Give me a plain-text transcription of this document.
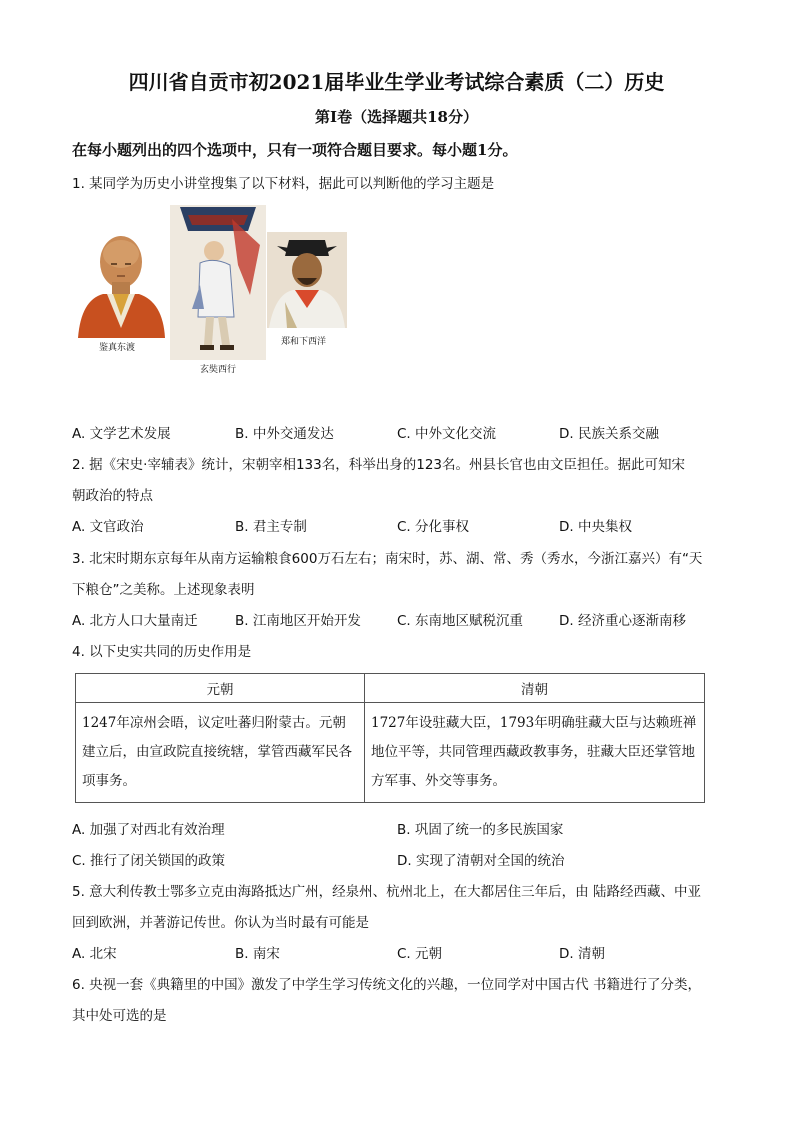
四川省自贡市初2021届毕业生学业考试综合素质（二）历史
第Ⅰ卷（选择题共18分）
在每小题列出的四个选项中，只有一项符合题目要求。每小题1分。
1. 某同学为历史小讲堂搜集了以下材料，据此可以判断他的学习主题是
鉴真东渡
玄奘西行
郑和下西洋
A. 文学艺术发展	B. 中外交通发达	C. 中外文化交流	D. 民族关系交融
2. 据《宋史·宰辅表》统计，宋朝宰相133名，科举出身的123名。州县长官也由文臣担任。据此可知宋
朝政治的特点
A. 文官政治	B. 君主专制	C. 分化事权	D. 中央集权
3. 北宋时期东京每年从南方运输粮食600万石左右；南宋时，苏、湖、常、秀（秀水，今浙江嘉兴）有“天
下粮仓”之美称。上述现象表明
A. 北方人口大量南迁	B. 江南地区开始开发	C. 东南地区赋税沉重	D. 经济重心逐渐南移
4. 以下史实共同的历史作用是
元朝	清朝
1247年凉州会晤，议定吐蕃归附蒙古。元朝建立后，由宣政院直接统辖，掌管西藏军民各项事务。	1727年设驻藏大臣，1793年明确驻藏大臣与达赖班禅地位平等，共同管理西藏政教事务，驻藏大臣还掌管地方军事、外交等事务。
A. 加强了对西北有效治理	B. 巩固了统一的多民族国家
C. 推行了闭关锁国的政策	D. 实现了清朝对全国的统治
5. 意大利传教士鄂多立克由海路抵达广州，经泉州、杭州北上，在大都居住三年后，由 陆路经西藏、中亚
回到欧洲，并著游记传世。你认为当时最有可能是
A. 北宋	B. 南宋	C. 元朝	D. 清朝
6. 央视一套《典籍里的中国》激发了中学生学习传统文化的兴趣，一位同学对中国古代 书籍进行了分类，
其中处可选的是
